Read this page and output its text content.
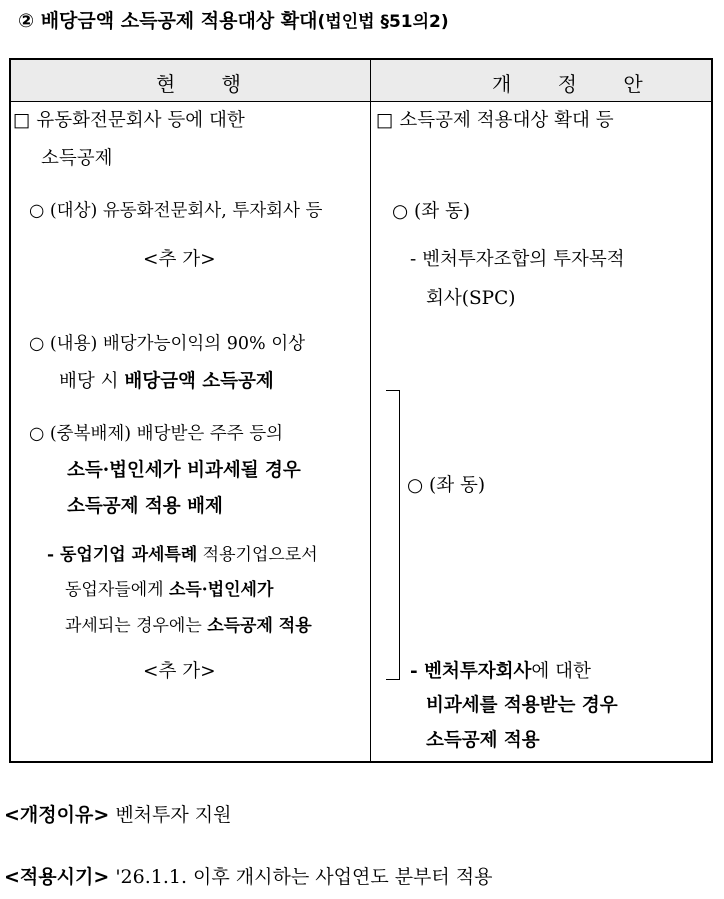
② 배당금액 소득공제 적용대상 확대(법인법 §51의2)
현 행	개 정 안
□ 유동화전문회사 등에 대한
소득공제
○ (대상) 유동화전문회사, 투자회사 등
<추 가>
○ (내용) 배당가능이익의 90% 이상
배당 시 배당금액 소득공제
○ (중복배제) 배당받은 주주 등의
소득·법인세가 비과세될 경우
소득공제 적용 배제
- 동업기업 과세특례 적용기업으로서
동업자들에게 소득·법인세가
과세되는 경우에는 소득공제 적용
<추 가>
□ 소득공제 적용대상 확대 등
○ (좌 동)
- 벤처투자조합의 투자목적
회사(SPC)
○ (좌 동)
- 벤처투자회사에 대한
비과세를 적용받는 경우
소득공제 적용
<개정이유> 벤처투자 지원
<적용시기> '26.1.1. 이후 개시하는 사업연도 분부터 적용
